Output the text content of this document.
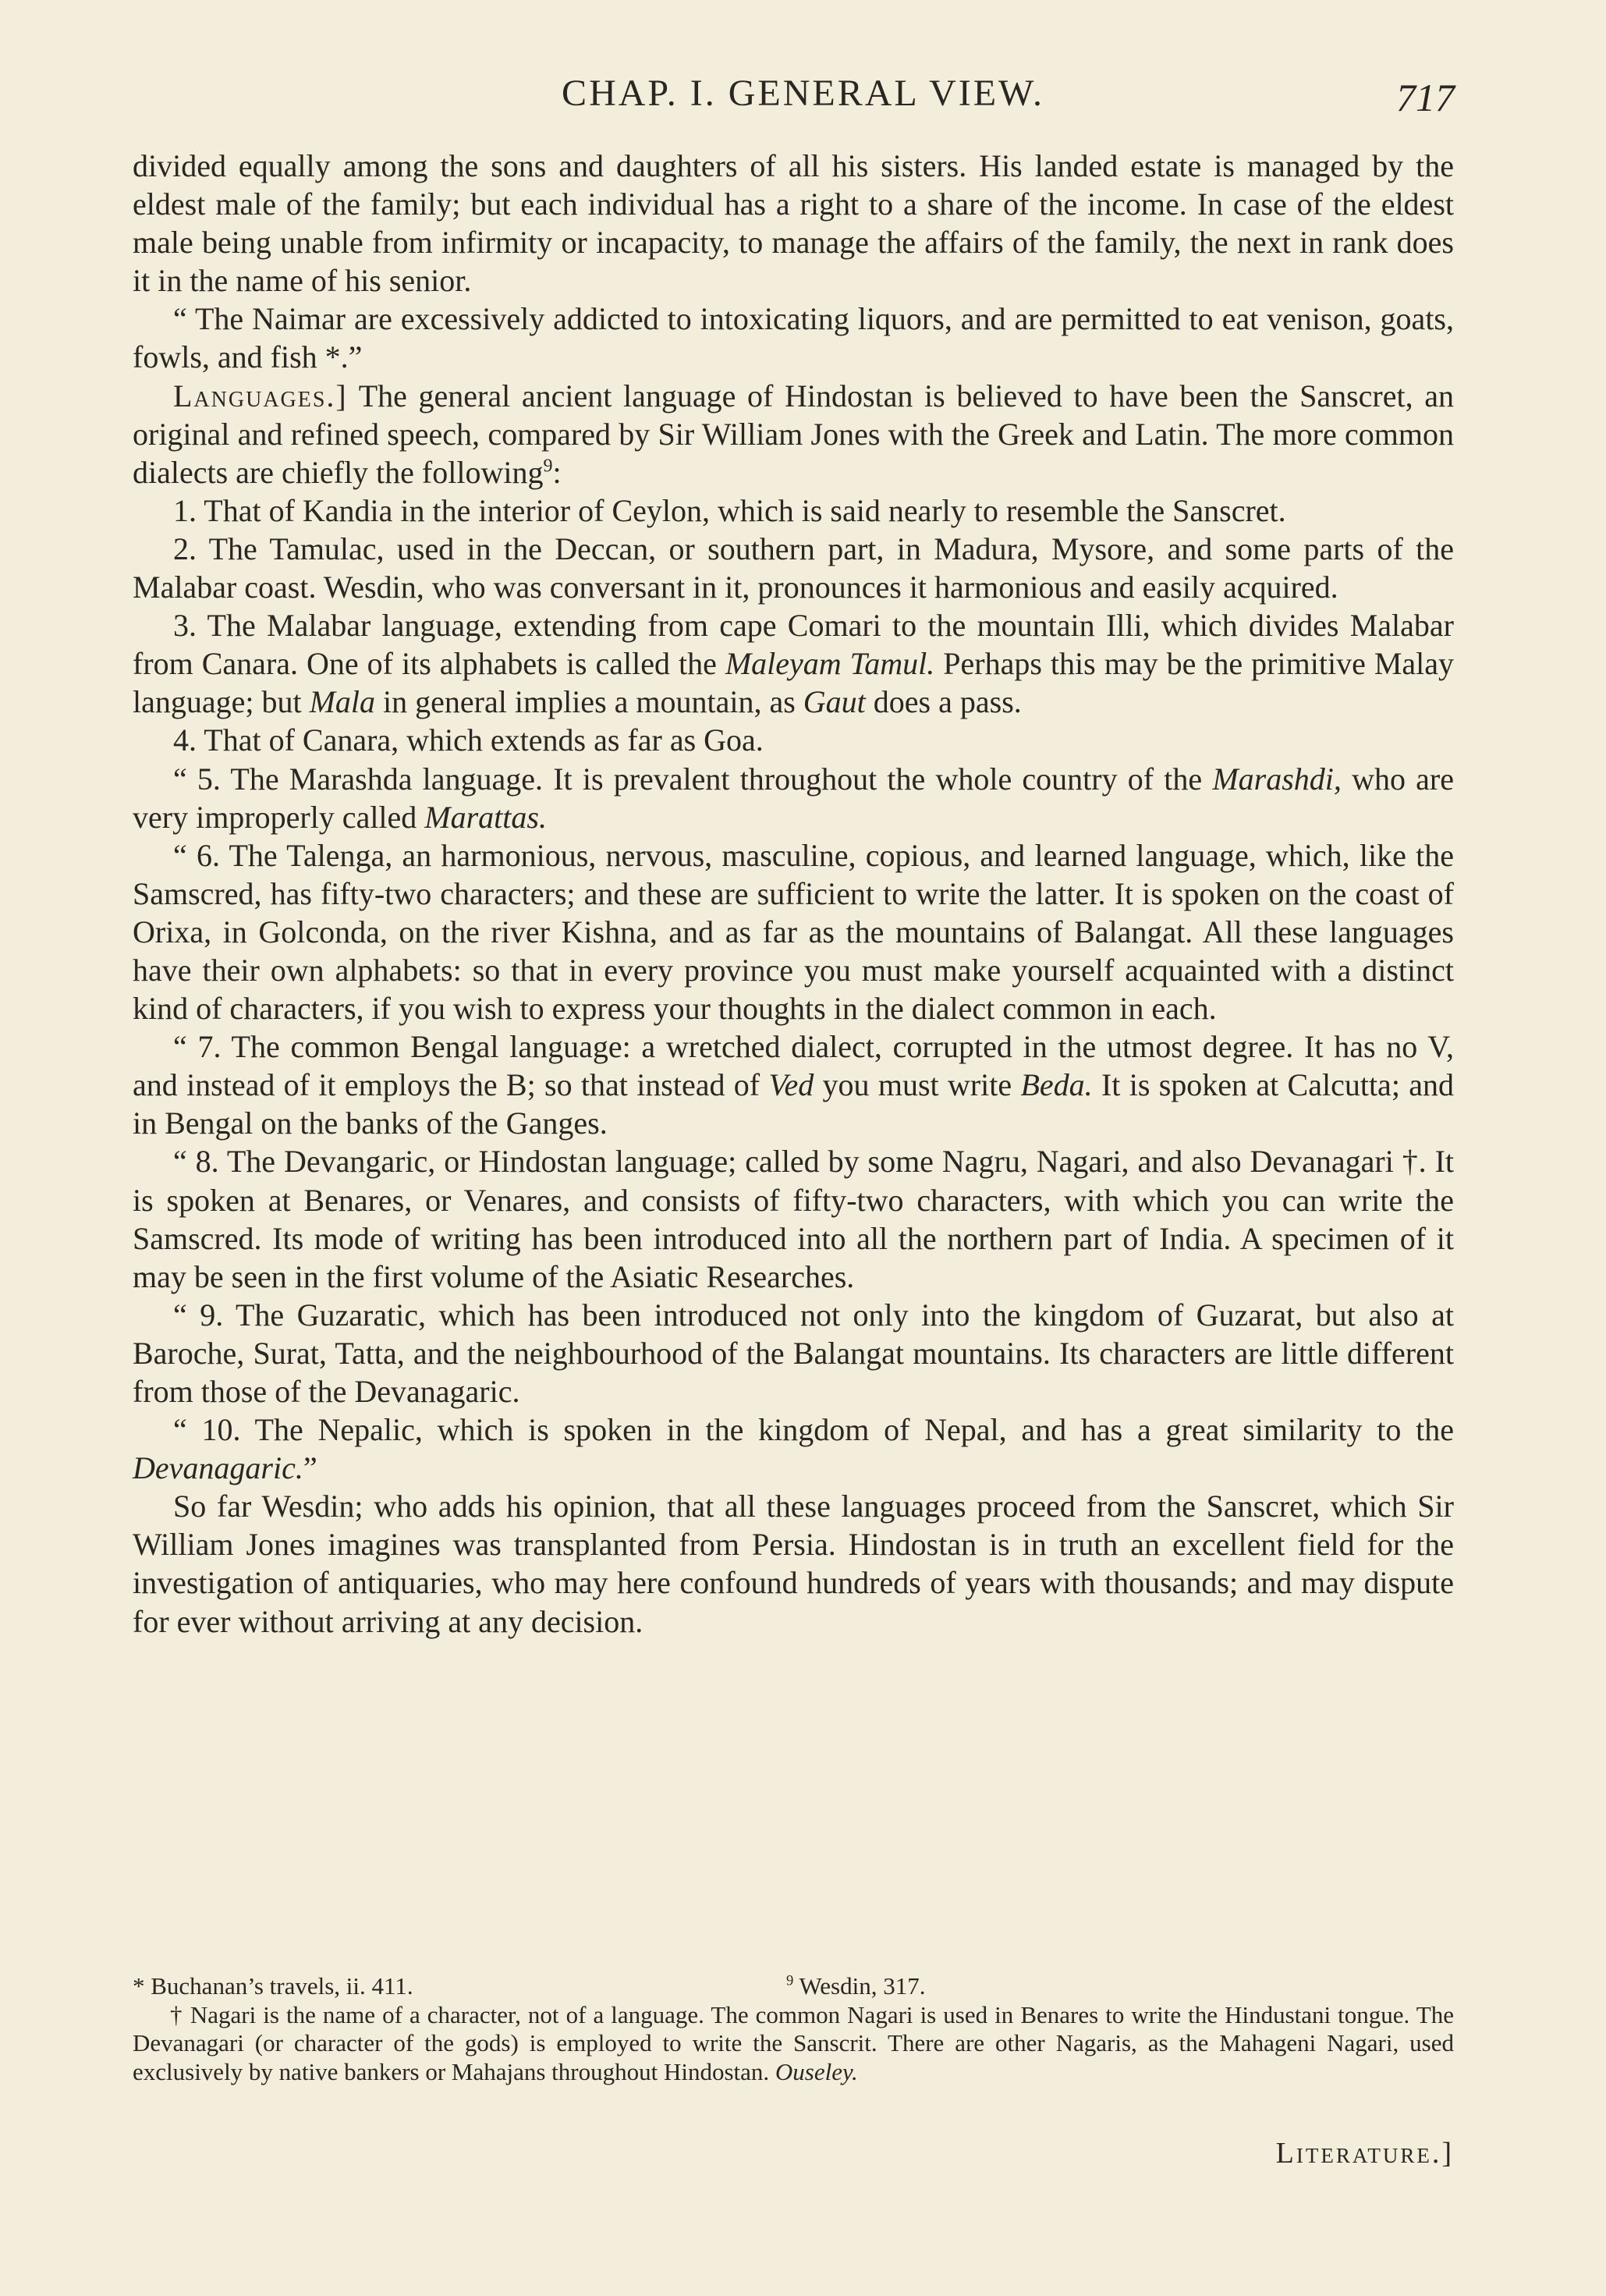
CHAP. I. GENERAL VIEW.	717

divided equally among the sons and daughters of all his sisters. His landed estate is managed by the eldest male of the family; but each individual has a right to a share of the income. In case of the eldest male being unable from infirmity or incapacity, to manage the affairs of the family, the next in rank does it in the name of his senior.

“ The Naimar are excessively addicted to intoxicating liquors, and are permitted to eat venison, goats, fowls, and fish *.”

Languages.] The general ancient language of Hindostan is believed to have been the Sanscret, an original and refined speech, compared by Sir William Jones with the Greek and Latin. The more common dialects are chiefly the following$^9$:

1. That of Kandia in the interior of Ceylon, which is said nearly to resemble the Sanscret.

2. The Tamulac, used in the Deccan, or southern part, in Madura, Mysore, and some parts of the Malabar coast. Wesdin, who was conversant in it, pronounces it harmonious and easily acquired.

3. The Malabar language, extending from cape Comari to the mountain Illi, which divides Malabar from Canara. One of its alphabets is called the Maleyam Tamul. Perhaps this may be the primitive Malay language; but Mala in general implies a mountain, as Gaut does a pass.

4. That of Canara, which extends as far as Goa.

“ 5. The Marashda language. It is prevalent throughout the whole country of the Marashdi, who are very improperly called Marattas.

“ 6. The Talenga, an harmonious, nervous, masculine, copious, and learned language, which, like the Samscred, has fifty-two characters; and these are sufficient to write the latter. It is spoken on the coast of Orixa, in Golconda, on the river Kishna, and as far as the mountains of Balangat. All these languages have their own alphabets: so that in every province you must make yourself acquainted with a distinct kind of characters, if you wish to express your thoughts in the dialect common in each.

“ 7. The common Bengal language: a wretched dialect, corrupted in the utmost degree. It has no V, and instead of it employs the B; so that instead of Ved you must write Beda. It is spoken at Calcutta; and in Bengal on the banks of the Ganges.

“ 8. The Devangaric, or Hindostan language; called by some Nagru, Nagari, and also Devanagari †. It is spoken at Benares, or Venares, and consists of fifty-two characters, with which you can write the Samscred. Its mode of writing has been introduced into all the northern part of India. A specimen of it may be seen in the first volume of the Asiatic Researches.

“ 9. The Guzaratic, which has been introduced not only into the kingdom of Guzarat, but also at Baroche, Surat, Tatta, and the neighbourhood of the Balangat mountains. Its characters are little different from those of the Devanagaric.

“ 10. The Nepalic, which is spoken in the kingdom of Nepal, and has a great similarity to the Devanagaric.”

So far Wesdin; who adds his opinion, that all these languages proceed from the Sanscret, which Sir William Jones imagines was transplanted from Persia. Hindostan is in truth an excellent field for the investigation of antiquaries, who may here confound hundreds of years with thousands; and may dispute for ever without arriving at any decision.

* Buchanan’s travels, ii. 411.	$^9$ Wesdin, 317.

† Nagari is the name of a character, not of a language. The common Nagari is used in Benares to write the Hindustani tongue. The Devanagari (or character of the gods) is employed to write the Sanscrit. There are other Nagaris, as the Mahageni Nagari, used exclusively by native bankers or Mahajans throughout Hindostan. Ouseley.

Literature.]
